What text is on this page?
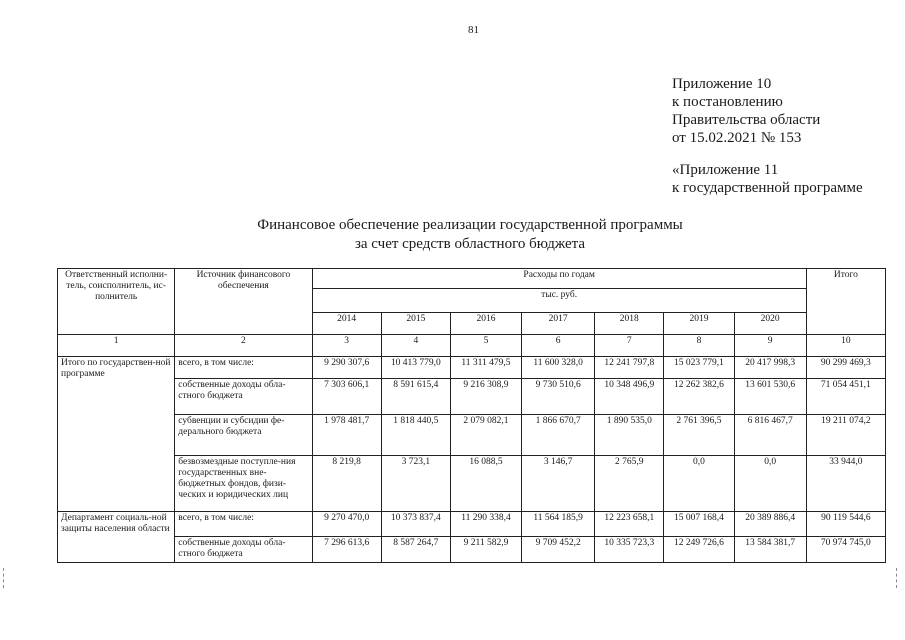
81
Приложение 10
к постановлению
Правительства области
от 15.02.2021 № 153
«Приложение 11
к государственной программе
Финансовое обеспечение реализации государственной программы
за счет средств областного бюджета
Ответственный исполни-тель, соисполнитель, ис-полнитель	Источник финансового обеспечения	Расходы по годам							Итого
		тыс. руб.							
		2014	2015	2016	2017	2018	2019	2020	
1	2	3	4	5	6	7	8	9	10
Итого по государствен-ной программе	всего, в том числе:	9 290 307,6	10 413 779,0	11 311 479,5	11 600 328,0	12 241 797,8	15 023 779,1	20 417 998,3	90 299 469,3
	собственные доходы обла-стного бюджета	7 303 606,1	8 591 615,4	9 216 308,9	9 730 510,6	10 348 496,9	12 262 382,6	13 601 530,6	71 054 451,1
	субвенции и субсидии фе-дерального бюджета	1 978 481,7	1 818 440,5	2 079 082,1	1 866 670,7	1 890 535,0	2 761 396,5	6 816 467,7	19 211 074,2
	безвозмездные поступле-ния государственных вне-бюджетных фондов, физи-ческих и юридических лиц	8 219,8	3 723,1	16 088,5	3 146,7	2 765,9	0,0	0,0	33 944,0
Департамент социаль-ной защиты населения области	всего, в том числе:	9 270 470,0	10 373 837,4	11 290 338,4	11 564 185,9	12 223 658,1	15 007 168,4	20 389 886,4	90 119 544,6
	собственные доходы обла-стного бюджета	7 296 613,6	8 587 264,7	9 211 582,9	9 709 452,2	10 335 723,3	12 249 726,6	13 584 381,7	70 974 745,0
